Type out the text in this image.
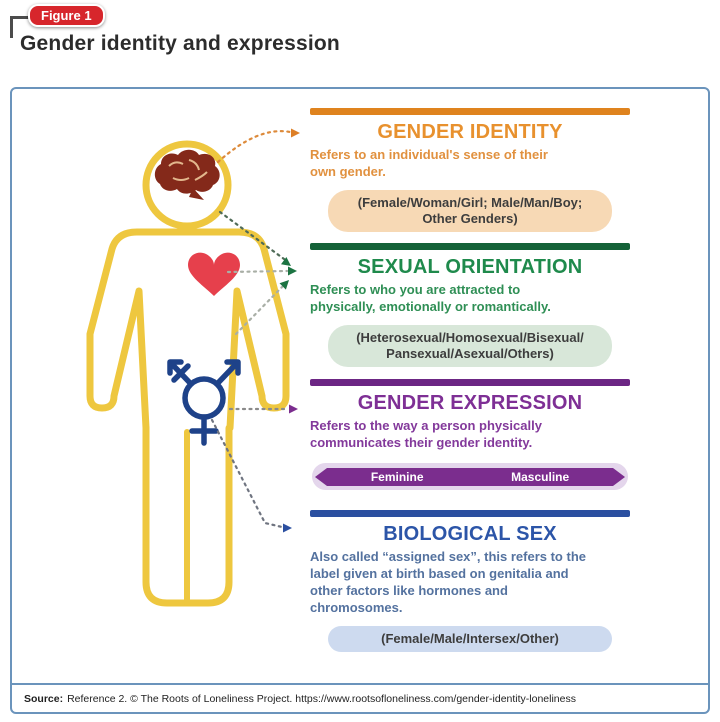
Figure 1
Gender identity and expression
GENDER IDENTITY
Refers to an individual's sense of their
own gender.
(Female/Woman/Girl; Male/Man/Boy;
Other Genders)
SEXUAL ORIENTATION
Refers to who you are attracted to
physically, emotionally or romantically.
(Heterosexual/Homosexual/Bisexual/
Pansexual/Asexual/Others)
GENDER EXPRESSION
Refers to the way a person physically
communicates their gender identity.
Feminine	Masculine
BIOLOGICAL SEX
Also called “assigned sex”, this refers to the
label given at birth based on genitalia and
other factors like hormones and
chromosomes.
(Female/Male/Intersex/Other)
Source: Reference 2. © The Roots of Loneliness Project. https://www.rootsofloneliness.com/gender-identity-loneliness
